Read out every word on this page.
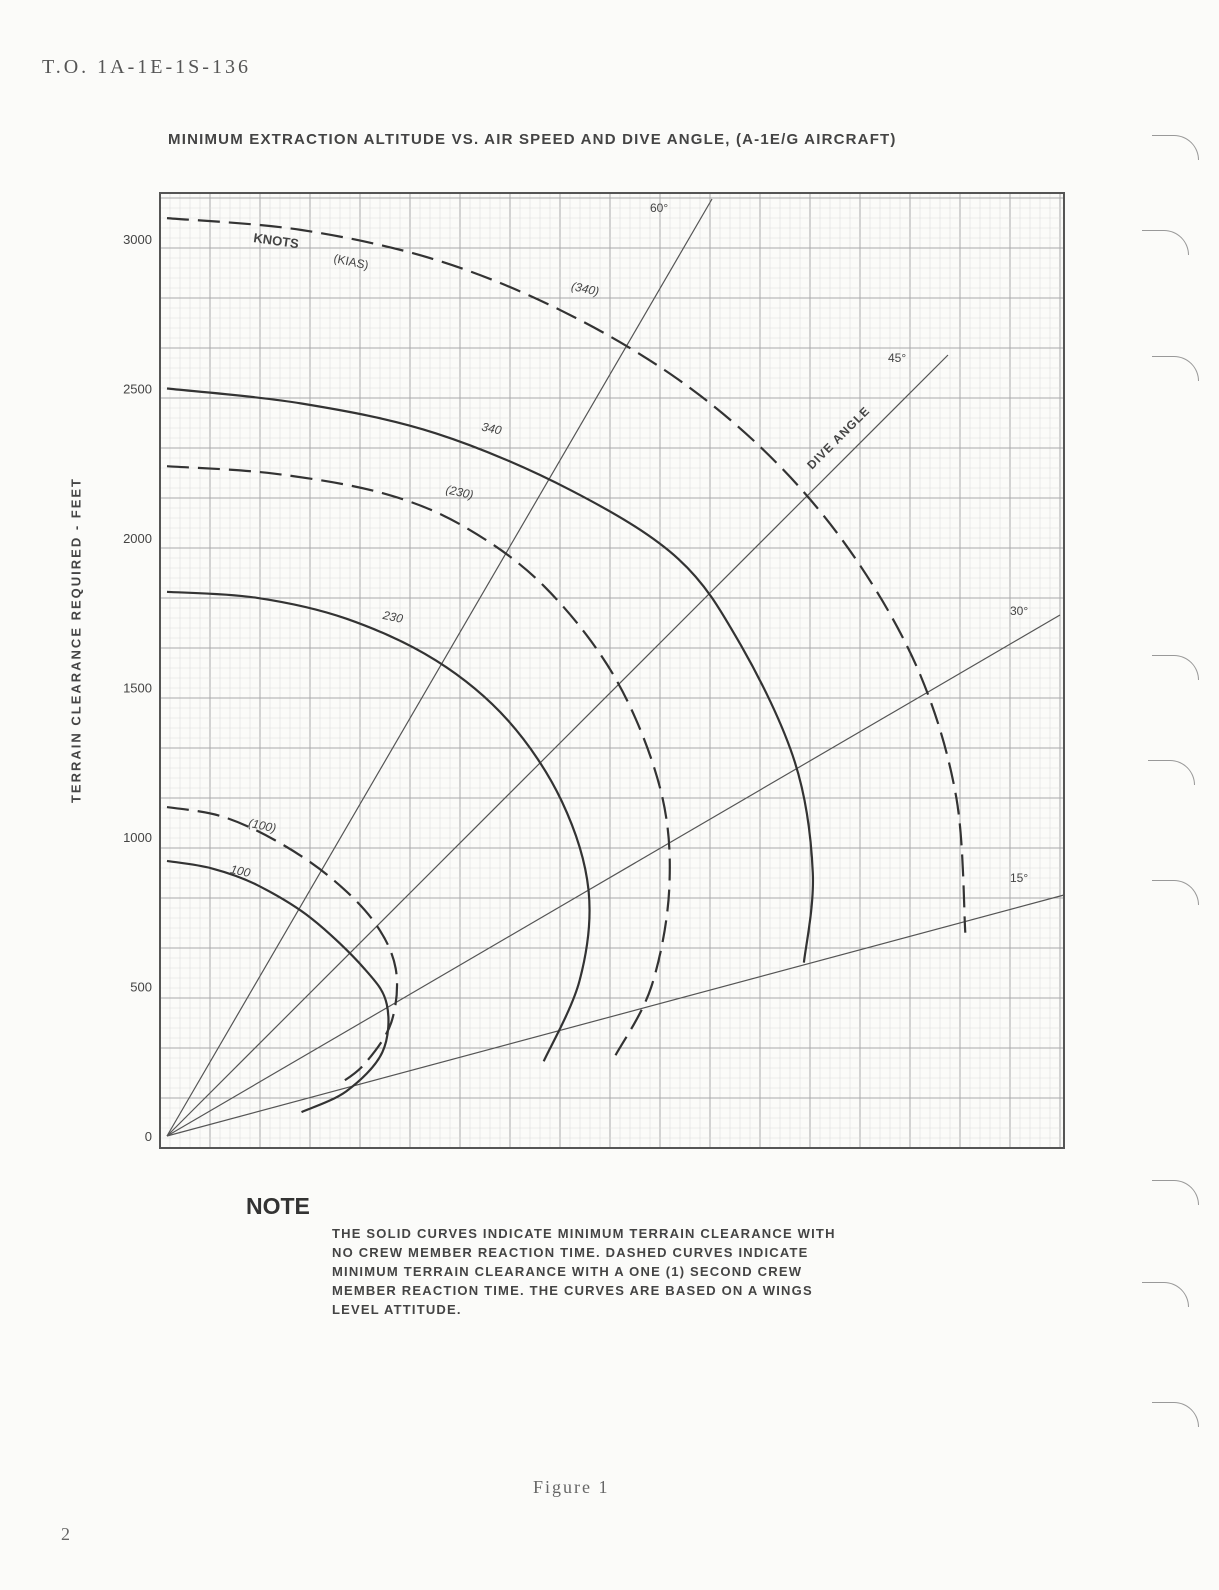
T.O. 1A-1E-1S-136
MINIMUM EXTRACTION ALTITUDE VS. AIR SPEED AND DIVE ANGLE, (A-1E/G AIRCRAFT)
TERRAIN CLEARANCE REQUIRED - FEET
0
500
1000
1500
2000
2500
3000
60°
45°
30°
15°
100
(100)
230
(230)
340
(340)
KNOTS
(KIAS)
DIVE ANGLE
NOTE
THE SOLID CURVES INDICATE MINIMUM TERRAIN CLEARANCE WITH NO CREW MEMBER REACTION TIME. DASHED CURVES INDICATE MINIMUM TERRAIN CLEARANCE WITH A ONE (1) SECOND CREW MEMBER REACTION TIME. THE CURVES ARE BASED ON A WINGS LEVEL ATTITUDE.
Figure 1
2
